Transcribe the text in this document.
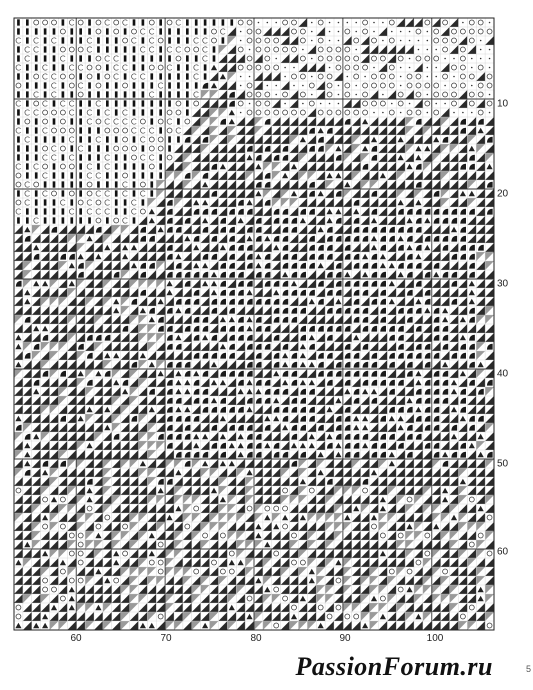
60	70	80	90	100
10
20
30
40
50
60
PassionForum.ru	5
